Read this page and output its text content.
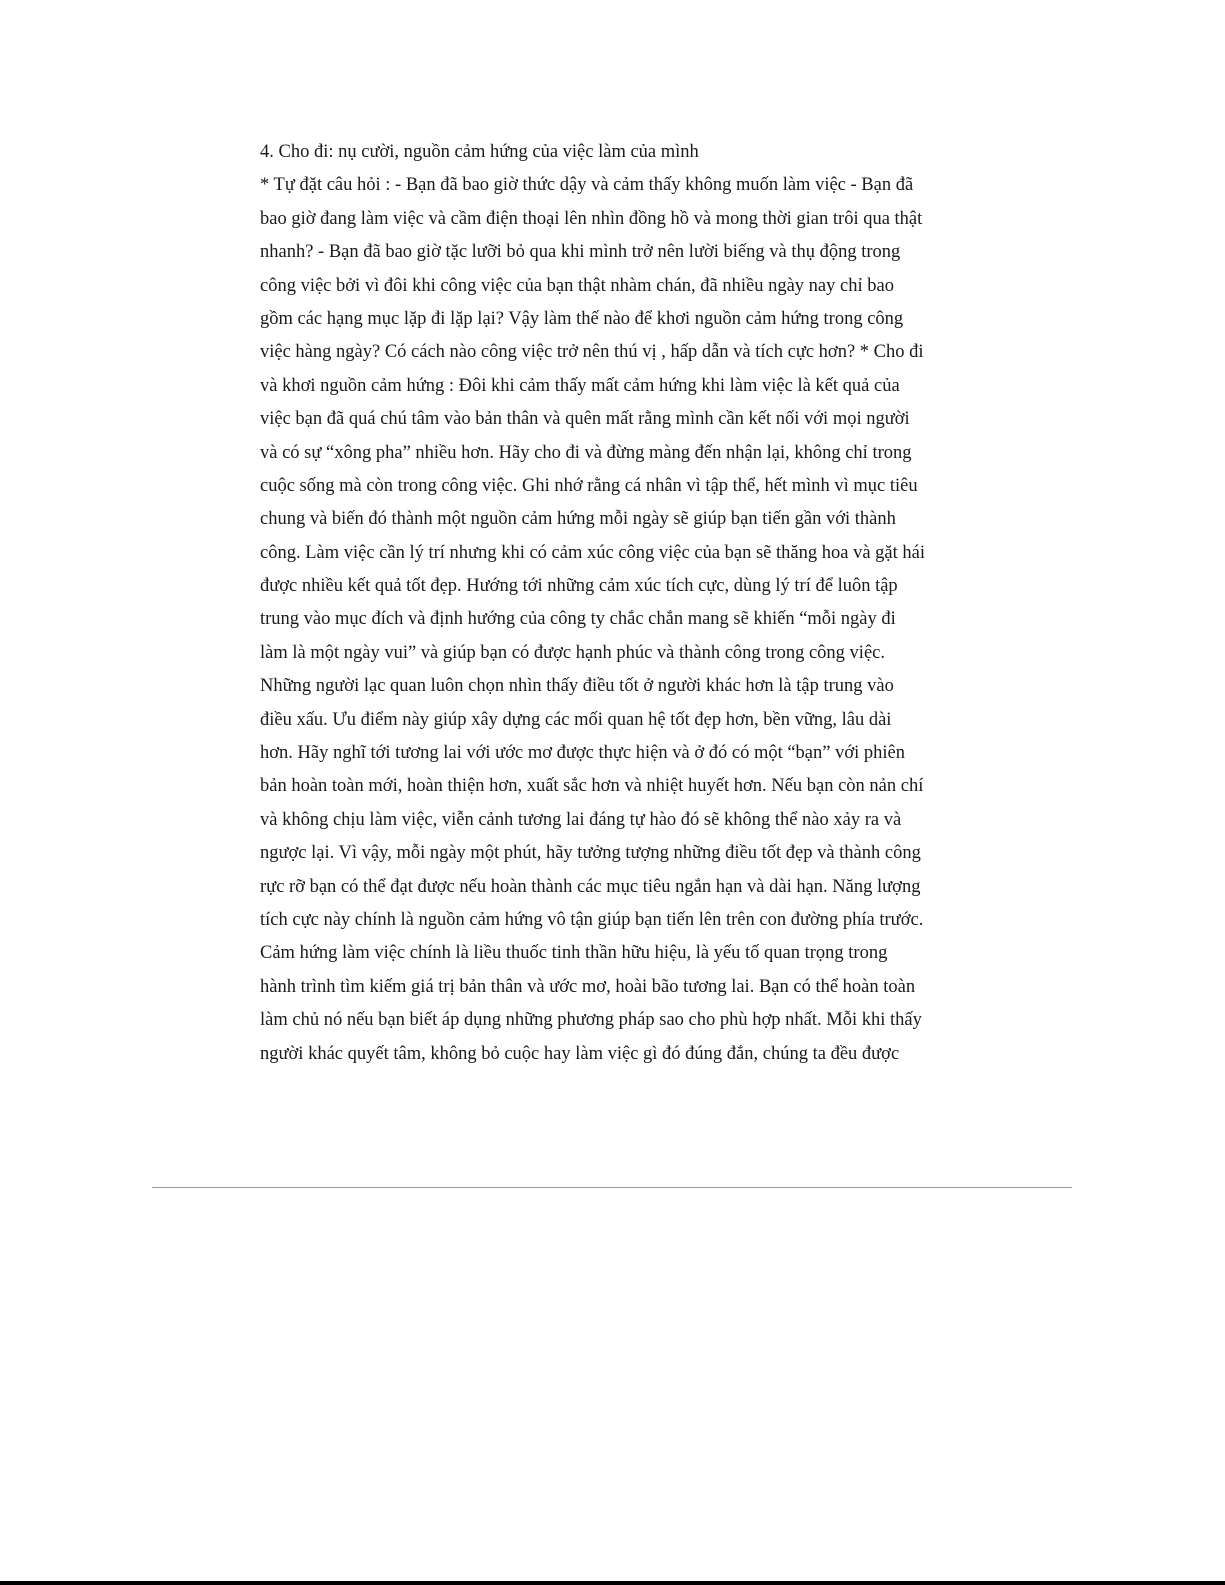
4. Cho đi: nụ cười, nguồn cảm hứng của việc làm của mình
* Tự đặt câu hỏi : - Bạn đã bao giờ thức dậy và cảm thấy không muốn làm việc - Bạn đã
bao giờ đang làm việc và cầm điện thoại lên nhìn đồng hồ và mong thời gian trôi qua thật
nhanh? - Bạn đã bao giờ tặc lưỡi bỏ qua khi mình trở nên lười biếng và thụ động trong
công việc bởi vì đôi khi công việc của bạn thật nhàm chán, đã nhiều ngày nay chỉ bao
gồm các hạng mục lặp đi lặp lại? Vậy làm thế nào để khơi nguồn cảm hứng trong công
việc hàng ngày? Có cách nào công việc trở nên thú vị , hấp dẫn và tích cực hơn? * Cho đi
và khơi nguồn cảm hứng : Đôi khi cảm thấy mất cảm hứng khi làm việc là kết quả của
việc bạn đã quá chú tâm vào bản thân và quên mất rằng mình cần kết nối với mọi người
và có sự “xông pha” nhiều hơn. Hãy cho đi và đừng màng đến nhận lại, không chỉ trong
cuộc sống mà còn trong công việc. Ghi nhớ rằng cá nhân vì tập thể, hết mình vì mục tiêu
chung và biến đó thành một nguồn cảm hứng mỗi ngày sẽ giúp bạn tiến gần với thành
công. Làm việc cần lý trí nhưng khi có cảm xúc công việc của bạn sẽ thăng hoa và gặt hái
được nhiều kết quả tốt đẹp. Hướng tới những cảm xúc tích cực, dùng lý trí để luôn tập
trung vào mục đích và định hướng của công ty chắc chắn mang sẽ khiến “mỗi ngày đi
làm là một ngày vui” và giúp bạn có được hạnh phúc và thành công trong công việc.
Những người lạc quan luôn chọn nhìn thấy điều tốt ở người khác hơn là tập trung vào
điều xấu. Ưu điểm này giúp xây dựng các mối quan hệ tốt đẹp hơn, bền vững, lâu dài
hơn. Hãy nghĩ tới tương lai với ước mơ được thực hiện và ở đó có một “bạn” với phiên
bản hoàn toàn mới, hoàn thiện hơn, xuất sắc hơn và nhiệt huyết hơn. Nếu bạn còn nản chí
và không chịu làm việc, viễn cảnh tương lai đáng tự hào đó sẽ không thể nào xảy ra và
ngược lại. Vì vậy, mỗi ngày một phút, hãy tưởng tượng những điều tốt đẹp và thành công
rực rỡ bạn có thể đạt được nếu hoàn thành các mục tiêu ngắn hạn và dài hạn. Năng lượng
tích cực này chính là nguồn cảm hứng vô tận giúp bạn tiến lên trên con đường phía trước.
Cảm hứng làm việc chính là liều thuốc tinh thần hữu hiệu, là yếu tố quan trọng trong
hành trình tìm kiếm giá trị bản thân và ước mơ, hoài bão tương lai. Bạn có thể hoàn toàn
làm chủ nó nếu bạn biết áp dụng những phương pháp sao cho phù hợp nhất. Mỗi khi thấy
người khác quyết tâm, không bỏ cuộc hay làm việc gì đó đúng đắn, chúng ta đều được
